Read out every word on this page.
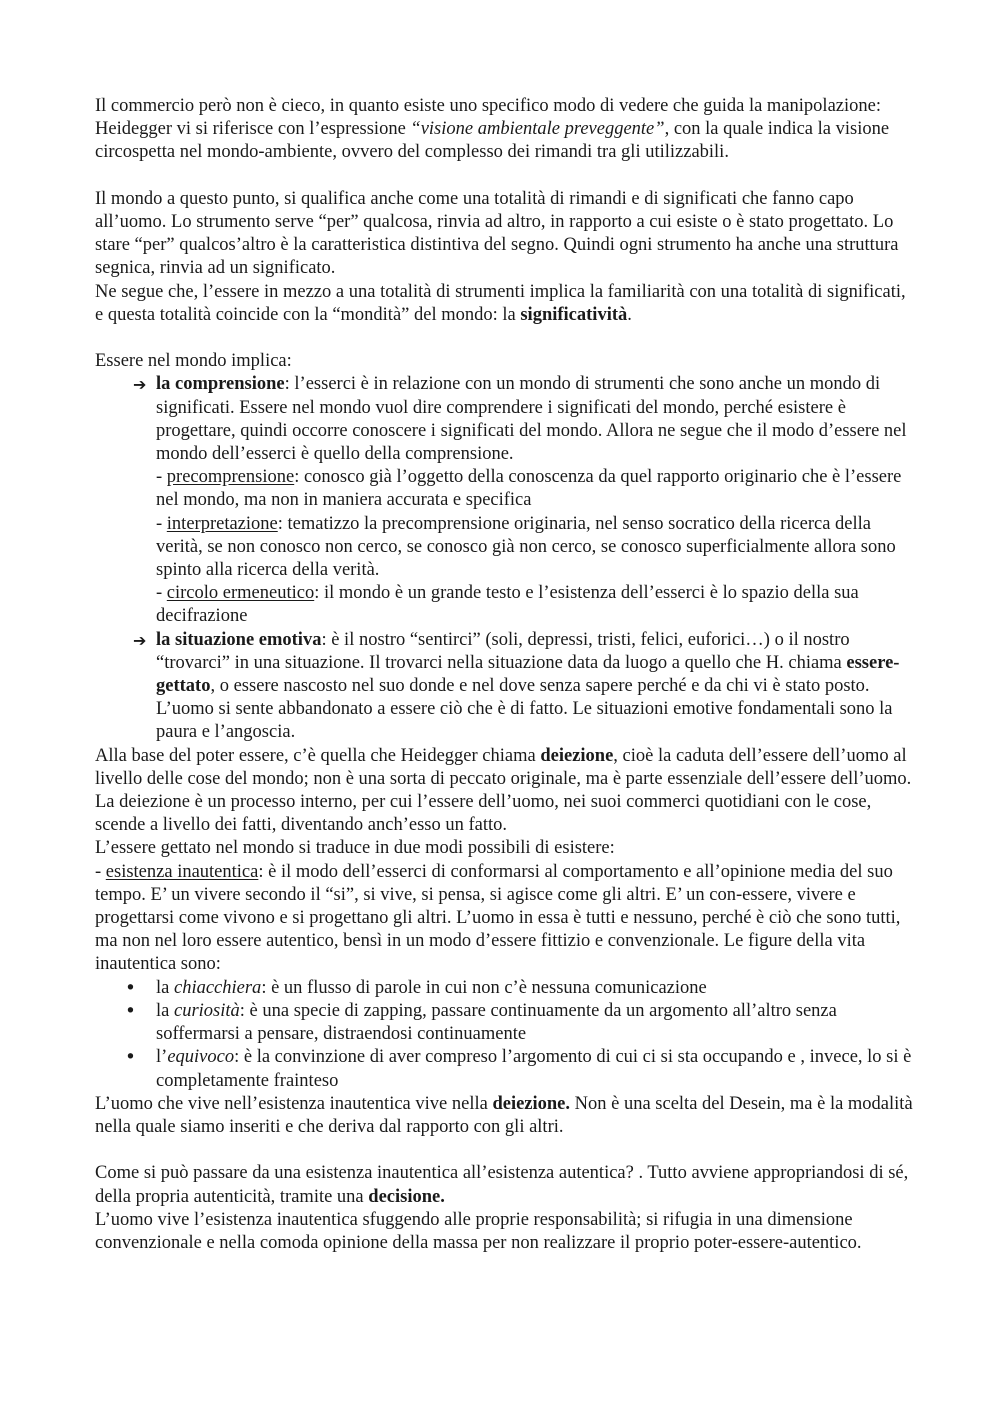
Il commercio però non è cieco, in quanto esiste uno specifico modo di vedere che guida la manipolazione: Heidegger vi si riferisce con l’espressione “visione ambientale preveggente”, con la quale indica la visione circospetta nel mondo-ambiente, ovvero del complesso dei rimandi tra gli utilizzabili.

Il mondo a questo punto, si qualifica anche come una totalità di rimandi e di significati che fanno capo all’uomo. Lo strumento serve “per” qualcosa, rinvia ad altro, in rapporto a cui esiste o è stato progettato. Lo stare “per” qualcos’altro è la caratteristica distintiva del segno. Quindi ogni strumento ha anche una struttura segnica, rinvia ad un significato.

Ne segue che, l’essere in mezzo a una totalità di strumenti implica la familiarità con una totalità di significati, e questa totalità coincide con la “mondità” del mondo: la significatività.

Essere nel mondo implica:

➔ la comprensione: l’esserci è in relazione con un mondo di strumenti che sono anche un mondo di significati. Essere nel mondo vuol dire comprendere i significati del mondo, perché esistere è progettare, quindi occorre conoscere i significati del mondo. Allora ne segue che il modo d’essere nel mondo dell’esserci è quello della comprensione.

- precomprensione: conosco già l’oggetto della conoscenza da quel rapporto originario che è l’essere nel mondo, ma non in maniera accurata e specifica

- interpretazione: tematizzo la precomprensione originaria, nel senso socratico della ricerca della verità, se non conosco non cerco, se conosco già non cerco, se conosco superficialmente allora sono spinto alla ricerca della verità.

- circolo ermeneutico: il mondo è un grande testo e l’esistenza dell’esserci è lo spazio della sua decifrazione

➔ la situazione emotiva: è il nostro “sentirci” (soli, depressi, tristi, felici, euforici…) o il nostro “trovarci” in una situazione. Il trovarci nella situazione data da luogo a quello che H. chiama essere-gettato, o essere nascosto nel suo donde e nel dove senza sapere perché e da chi vi è stato posto. L’uomo si sente abbandonato a essere ciò che è di fatto. Le situazioni emotive fondamentali sono la paura e l’angoscia.

Alla base del poter essere, c’è quella che Heidegger chiama deiezione, cioè la caduta dell’essere dell’uomo al livello delle cose del mondo; non è una sorta di peccato originale, ma è parte essenziale dell’essere dell’uomo. La deiezione è un processo interno, per cui l’essere dell’uomo, nei suoi commerci quotidiani con le cose, scende a livello dei fatti, diventando anch’esso un fatto.

L’essere gettato nel mondo si traduce in due modi possibili di esistere:

- esistenza inautentica: è il modo dell’esserci di conformarsi al comportamento e all’opinione media del suo tempo. E’ un vivere secondo il “si”, si vive, si pensa, si agisce come gli altri. E’ un con-essere, vivere e progettarsi come vivono e si progettano gli altri. L’uomo in essa è tutti e nessuno, perché è ciò che sono tutti, ma non nel loro essere autentico, bensì in un modo d’essere fittizio e convenzionale. Le figure della vita inautentica sono:

• la chiacchiera: è un flusso di parole in cui non c’è nessuna comunicazione
• la curiosità: è una specie di zapping, passare continuamente da un argomento all’altro senza soffermarsi a pensare, distraendosi continuamente
• l’equivoco: è la convinzione di aver compreso l’argomento di cui ci si sta occupando e , invece, lo si è completamente frainteso

L’uomo che vive nell’esistenza inautentica vive nella deiezione. Non è una scelta del Desein, ma è la modalità nella quale siamo inseriti e che deriva dal rapporto con gli altri.

Come si può passare da una esistenza inautentica all’esistenza autentica? . Tutto avviene appropriandosi di sé, della propria autenticità, tramite una decisione.

L’uomo vive l’esistenza inautentica sfuggendo alle proprie responsabilità; si rifugia in una dimensione convenzionale e nella comoda opinione della massa per non realizzare il proprio poter-essere-autentico.
